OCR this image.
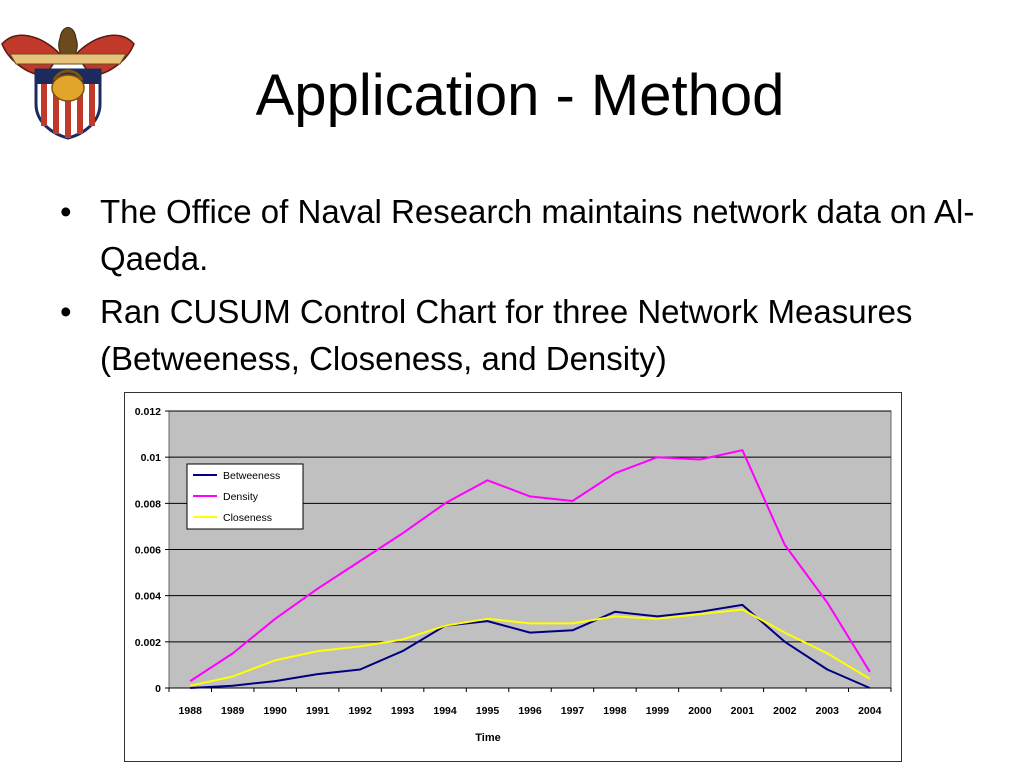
Application - Method
• The Office of Naval Research maintains network data on Al-Qaeda.
• Ran CUSUM Control Chart for three Network Measures (Betweeness, Closeness, and Density)
0
0.002
0.004
0.006
0.008
0.01
0.012
1988 1989 1990 1991 1992 1993 1994 1995 1996 1997 1998 1999 2000 2001 2002 2003 2004
Time
Betweeness
Density
Closeness
